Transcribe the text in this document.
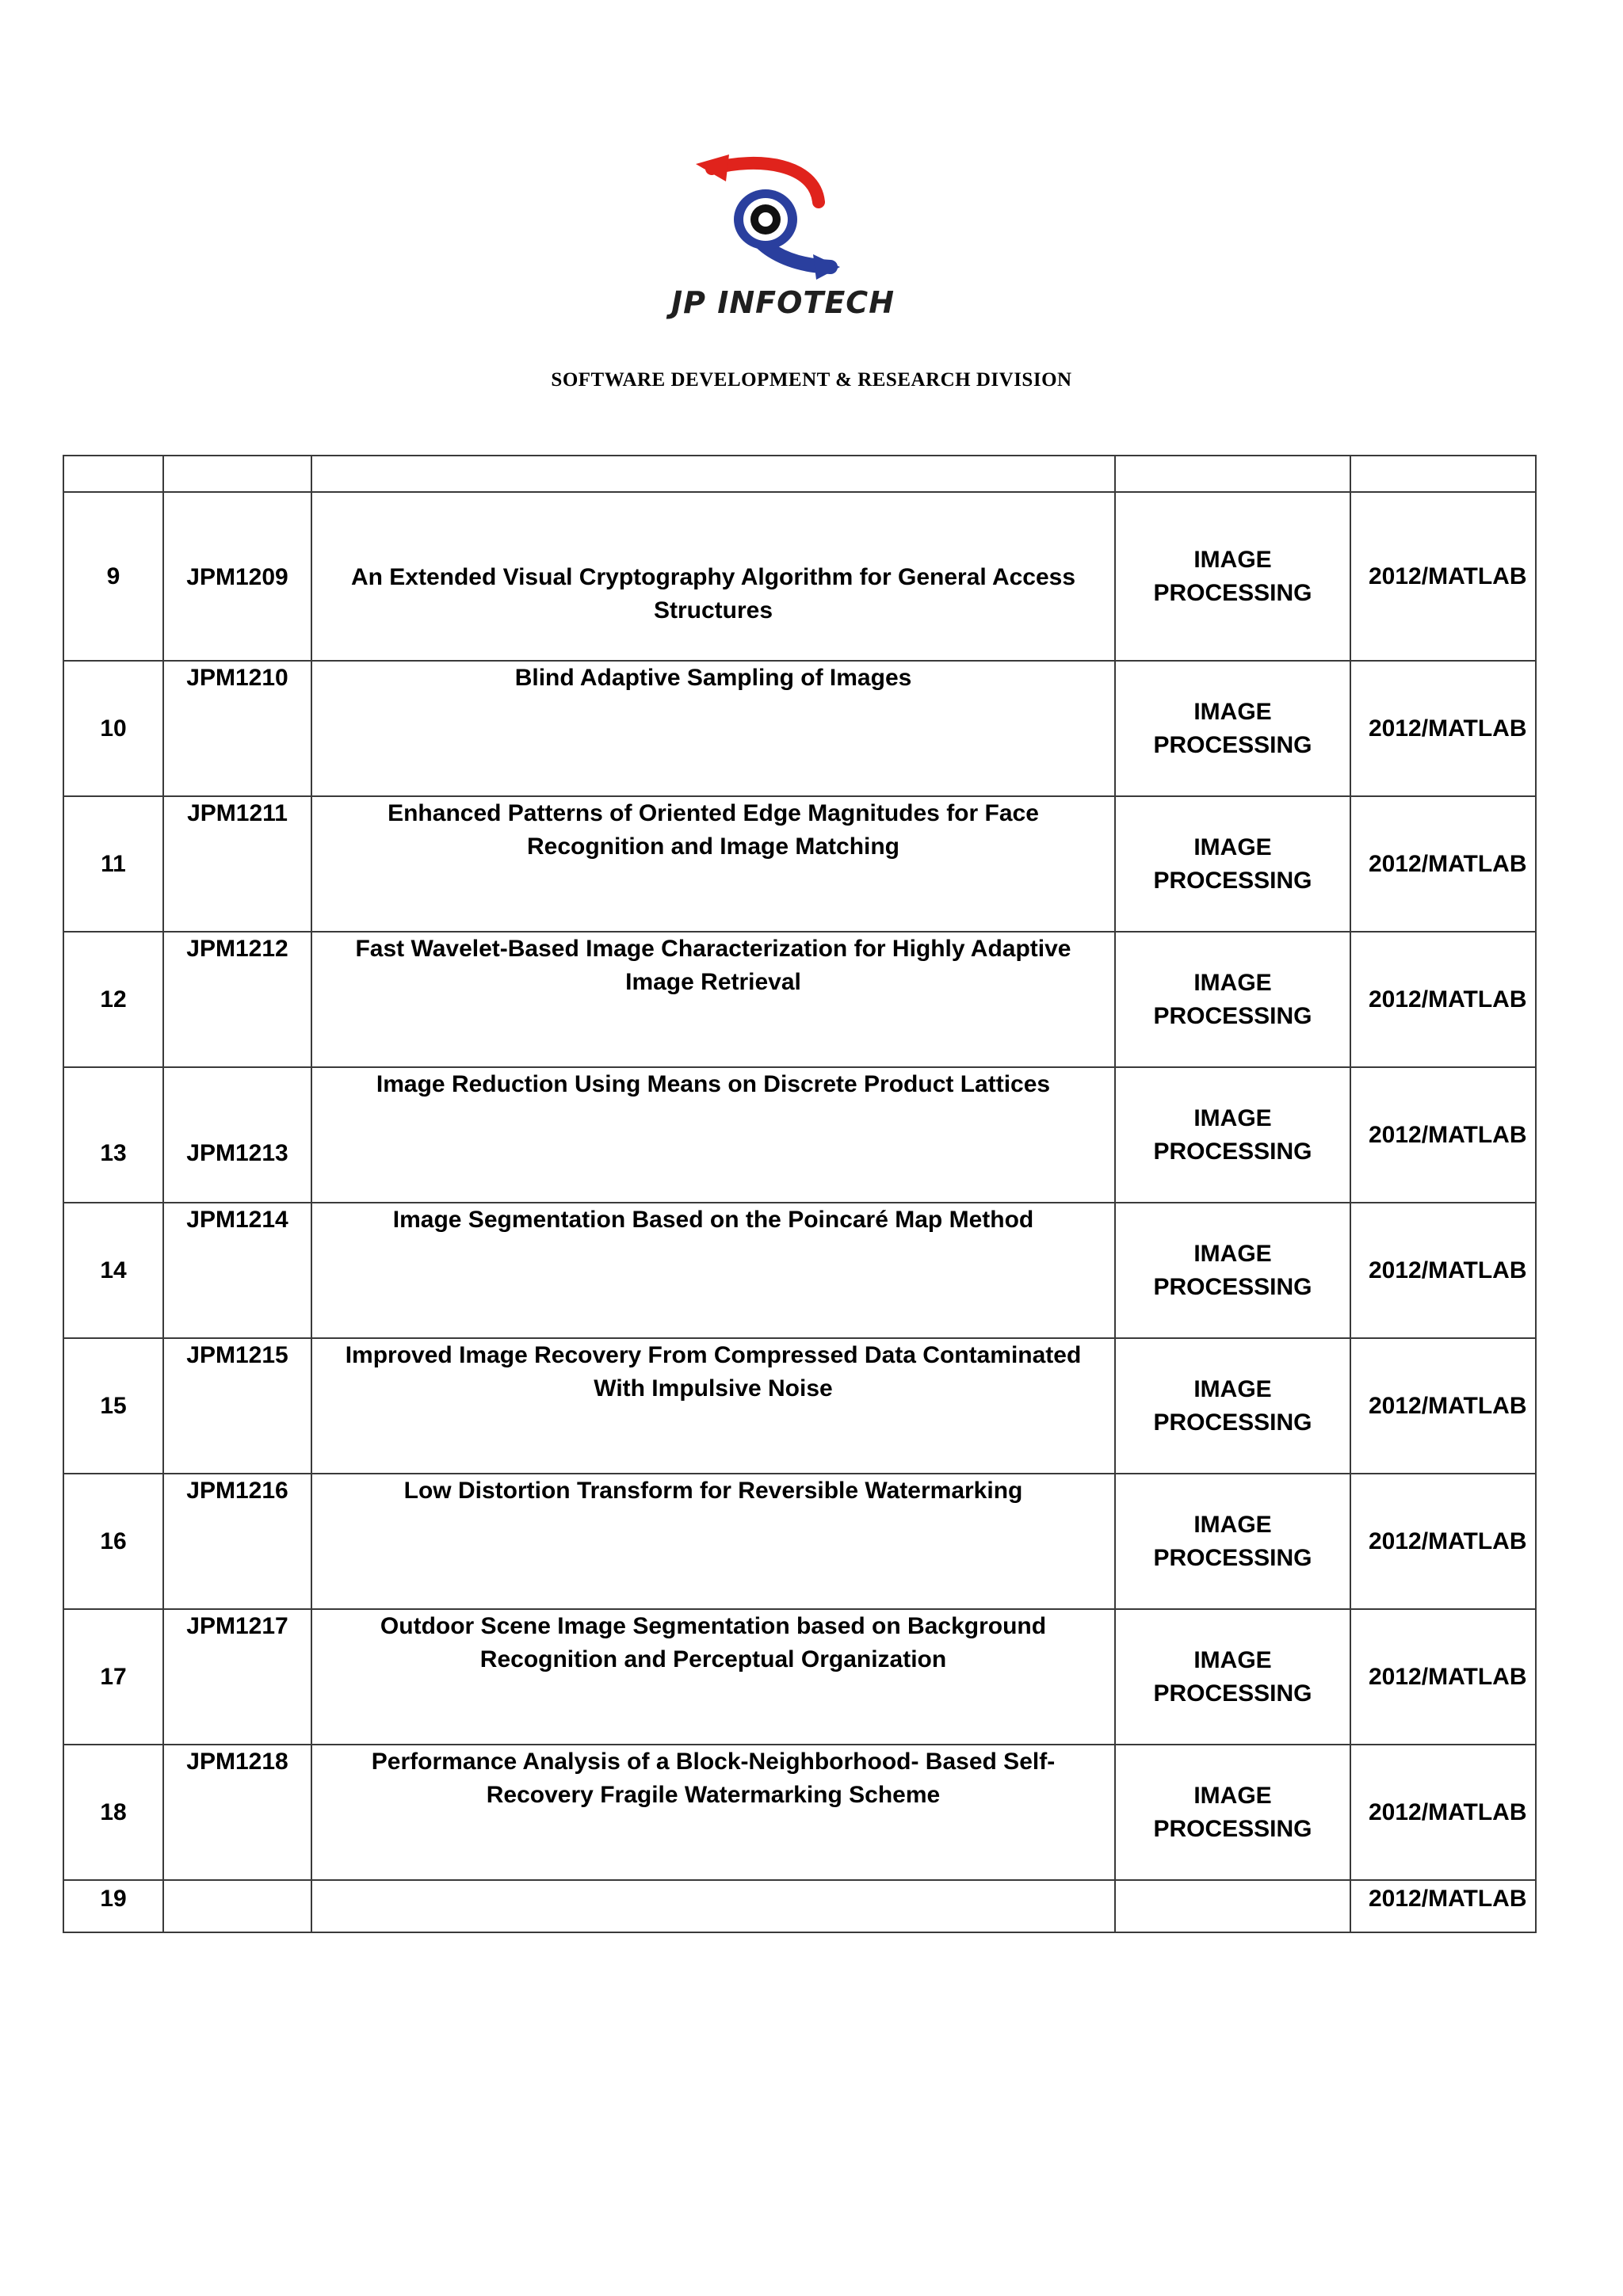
JP INFOTECH
SOFTWARE DEVELOPMENT & RESEARCH DIVISION

9	JPM1209	An Extended Visual Cryptography Algorithm for General Access Structures	IMAGE PROCESSING	2012/MATLAB
10	JPM1210	Blind Adaptive Sampling of Images	IMAGE PROCESSING	2012/MATLAB
11	JPM1211	Enhanced Patterns of Oriented Edge Magnitudes for Face Recognition and Image Matching	IMAGE PROCESSING	2012/MATLAB
12	JPM1212	Fast Wavelet-Based Image Characterization for Highly Adaptive Image Retrieval	IMAGE PROCESSING	2012/MATLAB
13	JPM1213	Image Reduction Using Means on Discrete Product Lattices	IMAGE PROCESSING	2012/MATLAB
14	JPM1214	Image Segmentation Based on the Poincaré Map Method	IMAGE PROCESSING	2012/MATLAB
15	JPM1215	Improved Image Recovery From Compressed Data Contaminated With Impulsive Noise	IMAGE PROCESSING	2012/MATLAB
16	JPM1216	Low Distortion Transform for Reversible Watermarking	IMAGE PROCESSING	2012/MATLAB
17	JPM1217	Outdoor Scene Image Segmentation based on Background Recognition and Perceptual Organization	IMAGE PROCESSING	2012/MATLAB
18	JPM1218	Performance Analysis of a Block-Neighborhood- Based Self-Recovery Fragile Watermarking Scheme	IMAGE PROCESSING	2012/MATLAB
19				2012/MATLAB
